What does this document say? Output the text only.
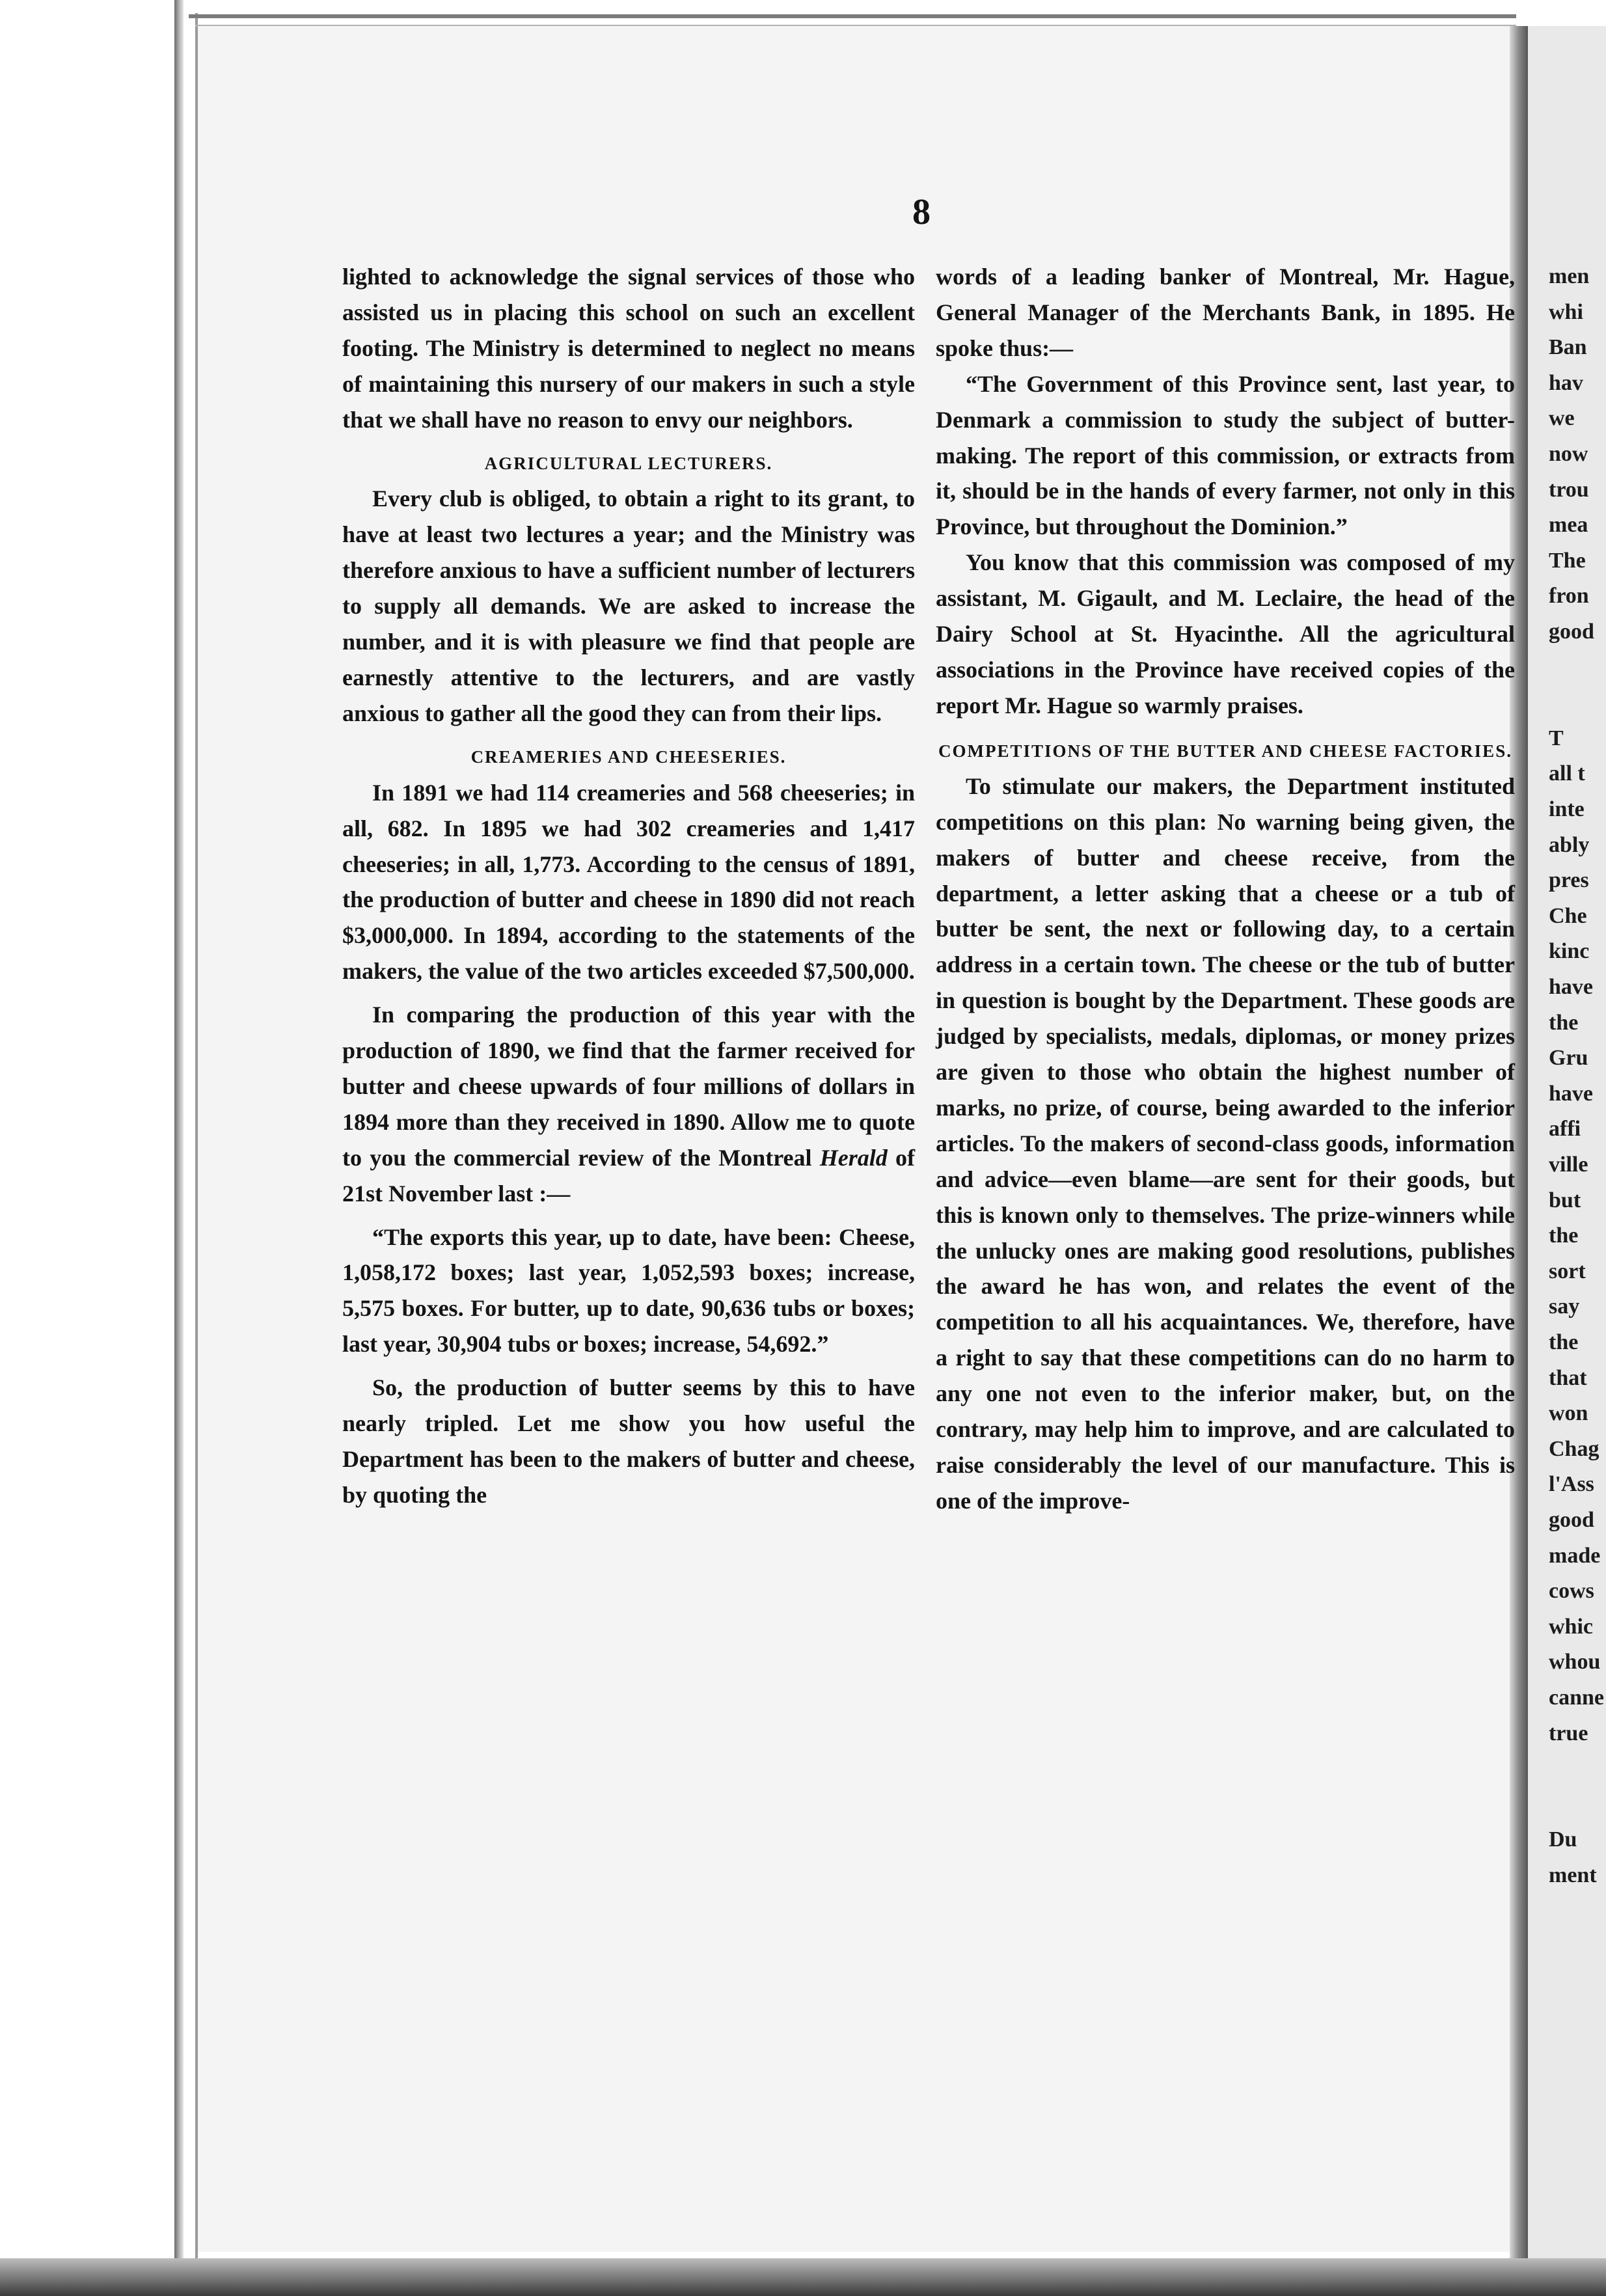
men
whi
Ban
hav
we
now
trou
mea
The
fron
good
T
all t
inte
ably
pres
Che
kinc
have
the
Gru
have
affi
ville
but
the
sort
say
the
that
won
Chag
l'Ass
good
made
cows
whic
whou
canne
true
Du
ment
8

lighted to acknowledge the signal services of those who assisted us in placing this school on such an excellent footing. The Ministry is determined to neglect no means of maintaining this nursery of our makers in such a style that we shall have no reason to envy our neighbors.

AGRICULTURAL LECTURERS.

Every club is obliged, to obtain a right to its grant, to have at least two lectures a year; and the Ministry was therefore anxious to have a sufficient number of lecturers to supply all demands. We are asked to increase the number, and it is with pleasure we find that people are earnestly attentive to the lecturers, and are vastly anxious to gather all the good they can from their lips.

CREAMERIES AND CHEESERIES.

In 1891 we had 114 creameries and 568 cheeseries; in all, 682. In 1895 we had 302 creameries and 1,417 cheeseries; in all, 1,773. According to the census of 1891, the production of butter and cheese in 1890 did not reach $3,000,000. In 1894, according to the statements of the makers, the value of the two articles exceeded $7,500,000.

In comparing the production of this year with the production of 1890, we find that the farmer received for butter and cheese upwards of four millions of dollars in 1894 more than they received in 1890. Allow me to quote to you the commercial review of the Montreal Herald of 21st November last :—

“The exports this year, up to date, have been: Cheese, 1,058,172 boxes; last year, 1,052,593 boxes; increase, 5,575 boxes. For butter, up to date, 90,636 tubs or boxes; last year, 30,904 tubs or boxes; increase, 54,692.”

So, the production of butter seems by this to have nearly tripled. Let me show you how useful the Department has been to the makers of butter and cheese, by quoting the

words of a leading banker of Montreal, Mr. Hague, General Manager of the Merchants Bank, in 1895. He spoke thus:—

“The Government of this Province sent, last year, to Denmark a commission to study the subject of butter-making. The report of this commission, or extracts from it, should be in the hands of every farmer, not only in this Province, but throughout the Dominion.”

You know that this commission was composed of my assistant, M. Gigault, and M. Leclaire, the head of the Dairy School at St. Hyacinthe. All the agricultural associations in the Province have received copies of the report Mr. Hague so warmly praises.

COMPETITIONS OF THE BUTTER AND CHEESE FACTORIES.

To stimulate our makers, the Department instituted competitions on this plan: No warning being given, the makers of butter and cheese receive, from the department, a letter asking that a cheese or a tub of butter be sent, the next or following day, to a certain address in a certain town. The cheese or the tub of butter in question is bought by the Department. These goods are judged by specialists, medals, diplomas, or money prizes are given to those who obtain the highest number of marks, no prize, of course, being awarded to the inferior articles. To the makers of second-class goods, information and advice—even blame—are sent for their goods, but this is known only to themselves. The prize-winners while the unlucky ones are making good resolutions, publishes the award he has won, and relates the event of the competition to all his acquaintances. We, therefore, have a right to say that these competitions can do no harm to any one not even to the inferior maker, but, on the contrary, may help him to improve, and are calculated to raise considerably the level of our manufacture. This is one of the improve-
